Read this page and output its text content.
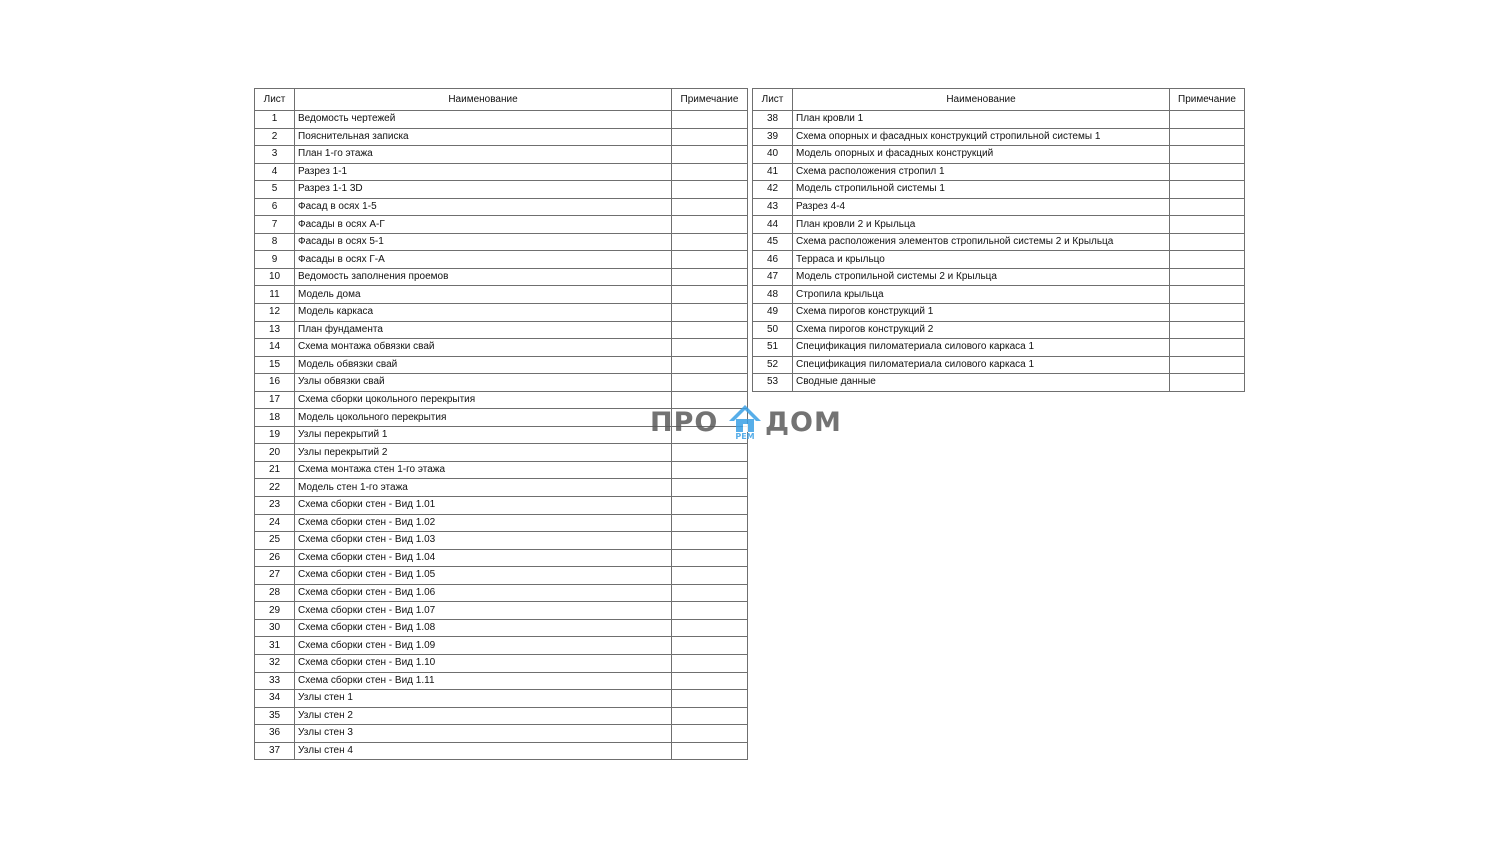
Лист	Наименование	Примечание
1	Ведомость чертежей	
2	Пояснительная записка	
3	План 1-го этажа	
4	Разрез 1-1	
5	Разрез 1-1 3D	
6	Фасад в осях 1-5	
7	Фасады в осях А-Г	
8	Фасады в осях 5-1	
9	Фасады в осях Г-А	
10	Ведомость заполнения проемов	
11	Модель дома	
12	Модель каркаса	
13	План фундамента	
14	Схема монтажа обвязки свай	
15	Модель обвязки свай	
16	Узлы обвязки свай	
17	Схема сборки цокольного перекрытия	
18	Модель цокольного перекрытия	
19	Узлы перекрытий 1	
20	Узлы перекрытий 2	
21	Схема монтажа стен 1-го этажа	
22	Модель стен 1-го этажа	
23	Схема сборки стен - Вид 1.01	
24	Схема сборки стен - Вид 1.02	
25	Схема сборки стен - Вид 1.03	
26	Схема сборки стен - Вид 1.04	
27	Схема сборки стен - Вид 1.05	
28	Схема сборки стен - Вид 1.06	
29	Схема сборки стен - Вид 1.07	
30	Схема сборки стен - Вид 1.08	
31	Схема сборки стен - Вид 1.09	
32	Схема сборки стен - Вид 1.10	
33	Схема сборки стен - Вид 1.11	
34	Узлы стен 1	
35	Узлы стен 2	
36	Узлы стен 3	
37	Узлы стен 4	
Лист	Наименование	Примечание
38	План кровли 1	
39	Схема опорных и фасадных конструкций стропильной системы 1	
40	Модель опорных и фасадных конструкций	
41	Схема расположения стропил 1	
42	Модель стропильной системы 1	
43	Разрез 4-4	
44	План кровли 2 и Крыльца	
45	Схема расположения элементов стропильной системы 2 и Крыльца	
46	Терраса и крыльцо	
47	Модель стропильной системы 2 и Крыльца	
48	Стропила крыльца	
49	Схема пирогов конструкций 1	
50	Схема пирогов конструкций 2	
51	Спецификация пиломатериала силового каркаса 1	
52	Спецификация пиломатериала силового каркаса 1	
53	Сводные данные	
ПРО ДОМ
РЕМ
